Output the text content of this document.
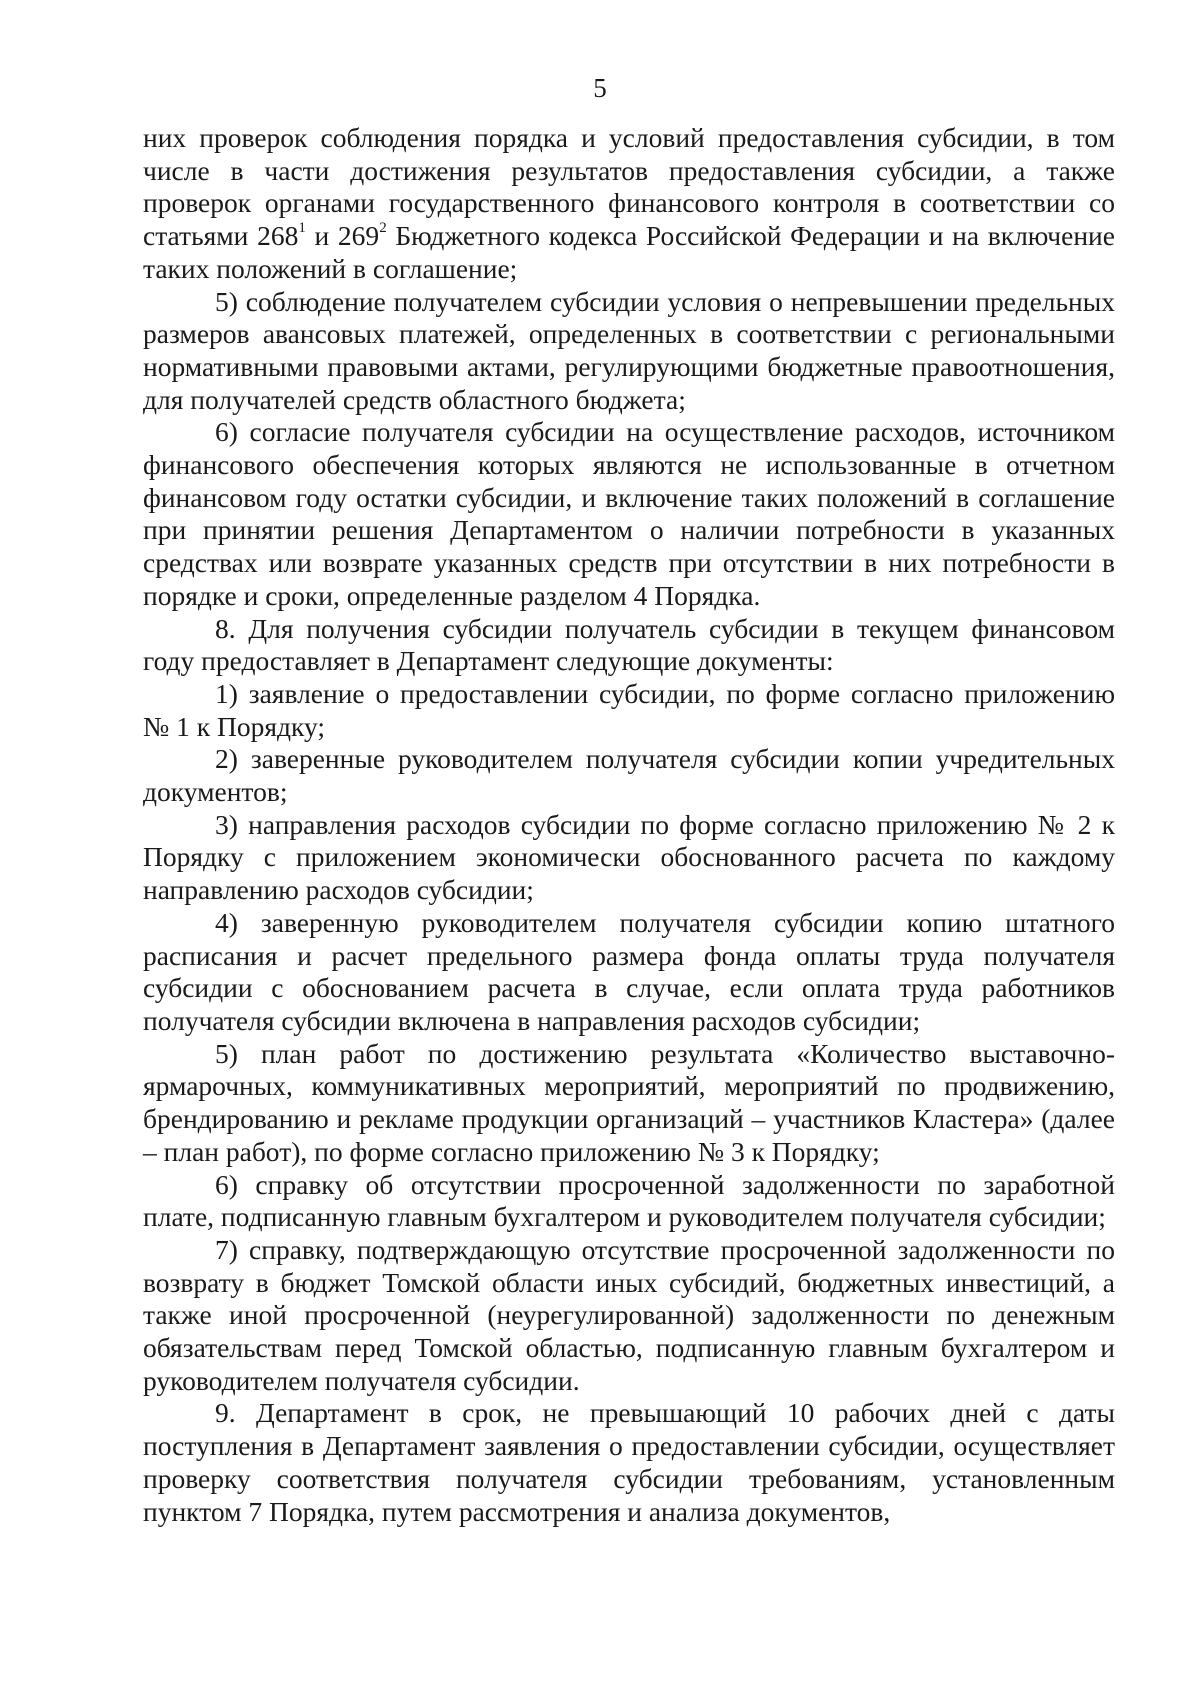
5

них проверок соблюдения порядка и условий предоставления субсидии, в том числе в части достижения результатов предоставления субсидии, а также проверок органами государственного финансового контроля в соответствии со статьями $268^1$ и $269^2$ Бюджетного кодекса Российской Федерации и на включение таких положений в соглашение;

5) соблюдение получателем субсидии условия о непревышении предельных размеров авансовых платежей, определенных в соответствии с региональными нормативными правовыми актами, регулирующими бюджетные правоотношения, для получателей средств областного бюджета;

6) согласие получателя субсидии на осуществление расходов, источником финансового обеспечения которых являются не использованные в отчетном финансовом году остатки субсидии, и включение таких положений в соглашение при принятии решения Департаментом о наличии потребности в указанных средствах или возврате указанных средств при отсутствии в них потребности в порядке и сроки, определенные разделом 4 Порядка.

8. Для получения субсидии получатель субсидии в текущем финансовом году предоставляет в Департамент следующие документы:

1) заявление о предоставлении субсидии, по форме согласно приложению № 1 к Порядку;

2) заверенные руководителем получателя субсидии копии учредительных документов;

3) направления расходов субсидии по форме согласно приложению № 2 к Порядку с приложением экономически обоснованного расчета по каждому направлению расходов субсидии;

4) заверенную руководителем получателя субсидии копию штатного расписания и расчет предельного размера фонда оплаты труда получателя субсидии с обоснованием расчета в случае, если оплата труда работников получателя субсидии включена в направления расходов субсидии;

5) план работ по достижению результата «Количество выставочно-ярмарочных, коммуникативных мероприятий, мероприятий по продвижению, брендированию и рекламе продукции организаций – участников Кластера» (далее – план работ), по форме согласно приложению № 3 к Порядку;

6) справку об отсутствии просроченной задолженности по заработной плате, подписанную главным бухгалтером и руководителем получателя субсидии;

7) справку, подтверждающую отсутствие просроченной задолженности по возврату в бюджет Томской области иных субсидий, бюджетных инвестиций, а также иной просроченной (неурегулированной) задолженности по денежным обязательствам перед Томской областью, подписанную главным бухгалтером и руководителем получателя субсидии.

9. Департамент в срок, не превышающий 10 рабочих дней с даты поступления в Департамент заявления о предоставлении субсидии, осуществляет проверку соответствия получателя субсидии требованиям, установленным пунктом 7 Порядка, путем рассмотрения и анализа документов,
